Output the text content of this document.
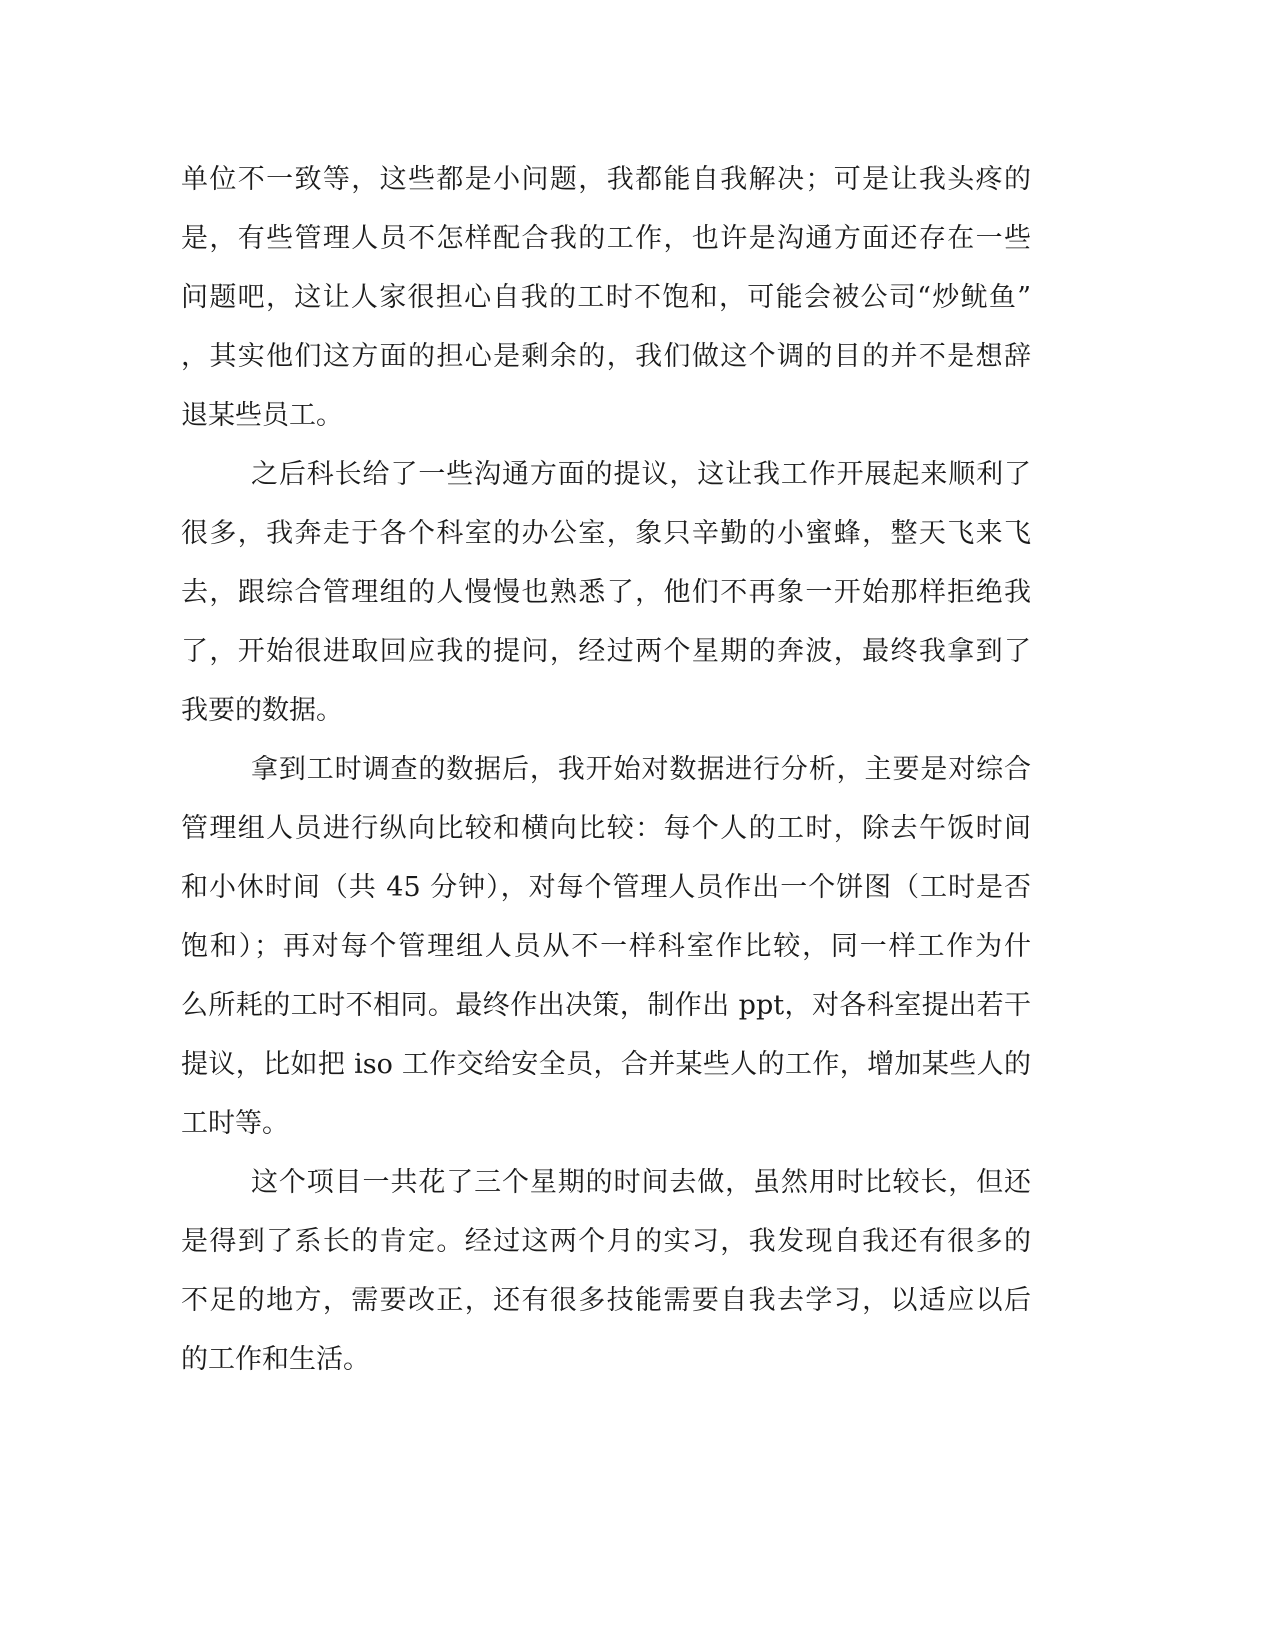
单位不一致等，这些都是小问题，我都能自我解决；可是让我头疼的
是，有些管理人员不怎样配合我的工作，也许是沟通方面还存在一些
问题吧，这让人家很担心自我的工时不饱和，可能会被公司“炒鱿鱼”
，其实他们这方面的担心是剩余的，我们做这个调的目的并不是想辞
退某些员工。
之后科长给了一些沟通方面的提议，这让我工作开展起来顺利了
很多，我奔走于各个科室的办公室，象只辛勤的小蜜蜂，整天飞来飞
去，跟综合管理组的人慢慢也熟悉了，他们不再象一开始那样拒绝我
了，开始很进取回应我的提问，经过两个星期的奔波，最终我拿到了
我要的数据。
拿到工时调查的数据后，我开始对数据进行分析，主要是对综合
管理组人员进行纵向比较和横向比较：每个人的工时，除去午饭时间
和小休时间（共 45 分钟），对每个管理人员作出一个饼图（工时是否
饱和）；再对每个管理组人员从不一样科室作比较，同一样工作为什
么所耗的工时不相同。最终作出决策，制作出 ppt，对各科室提出若干
提议，比如把 iso 工作交给安全员，合并某些人的工作，增加某些人的
工时等。
这个项目一共花了三个星期的时间去做，虽然用时比较长，但还
是得到了系长的肯定。经过这两个月的实习，我发现自我还有很多的
不足的地方，需要改正，还有很多技能需要自我去学习，以适应以后
的工作和生活。
